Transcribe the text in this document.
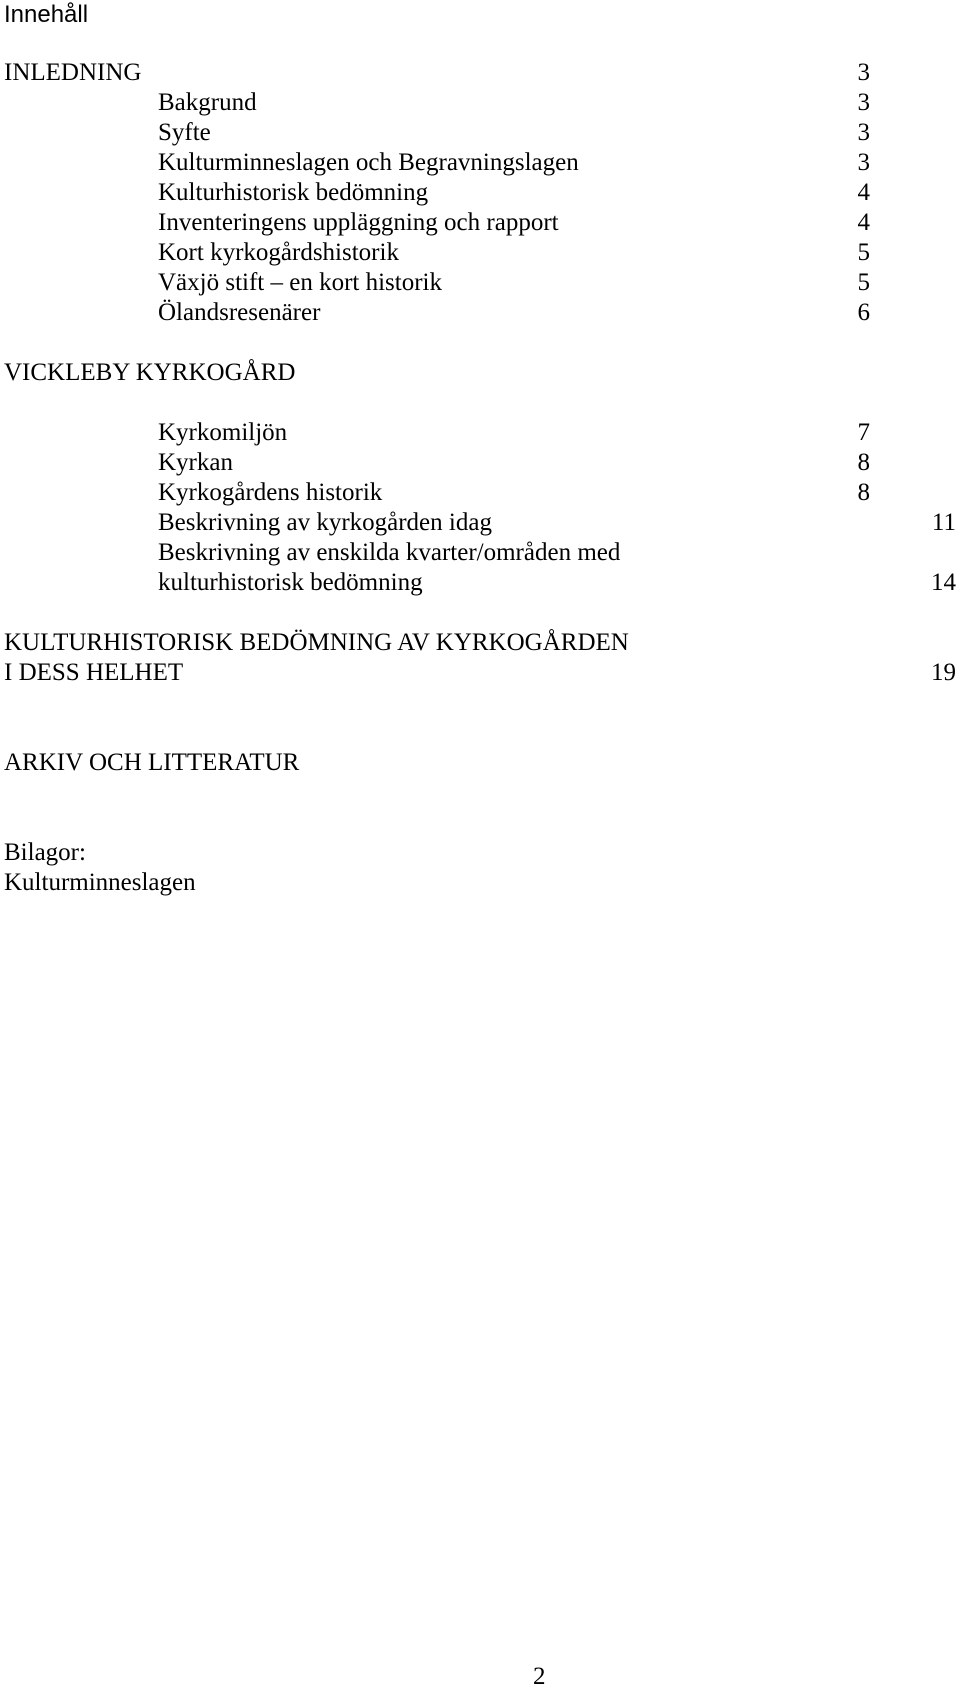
Innehåll
INLEDNING	3
Bakgrund	3
Syfte	3
Kulturminneslagen och Begravningslagen	3
Kulturhistorisk bedömning	4
Inventeringens uppläggning och rapport	4
Kort kyrkogårdshistorik	5
Växjö stift – en kort historik	5
Ölandsresenärer	6
VICKLEBY KYRKOGÅRD
Kyrkomiljön	7
Kyrkan	8
Kyrkogårdens historik	8
Beskrivning av kyrkogården idag	11
Beskrivning av enskilda kvarter/områden med
kulturhistorisk bedömning	14
KULTURHISTORISK BEDÖMNING AV KYRKOGÅRDEN
I DESS HELHET	19
ARKIV OCH LITTERATUR
Bilagor:
Kulturminneslagen
2
